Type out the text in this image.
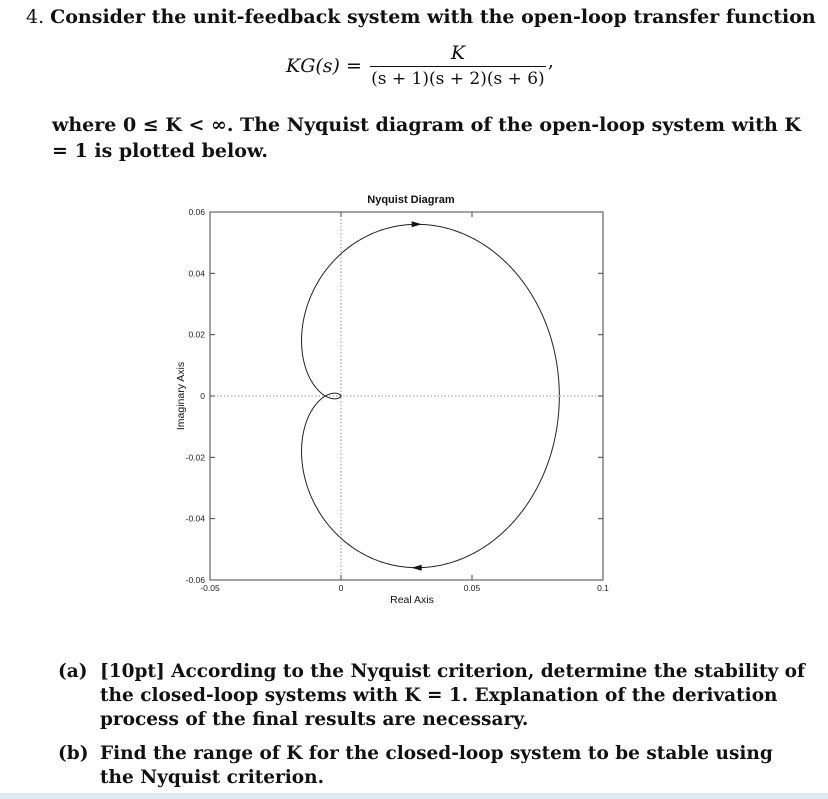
4. Consider the unit-feedback system with the open-loop transfer function
$KG(s) = \frac{K}{(s + 1)(s + 2)(s + 6)}$ ,
where 0 ≤ K < ∞. The Nyquist diagram of the open-loop system with K = 1 is plotted below.
Nyquist Diagram
-0.05	0	0.05	0.1
0.06
0.04
0.02
0
-0.02
-0.04
-0.06
Real Axis
Imaginary Axis
(a) [10pt] According to the Nyquist criterion, determine the stability of the closed-loop systems with K = 1. Explanation of the derivation process of the final results are necessary.
(b) Find the range of K for the closed-loop system to be stable using the Nyquist criterion.
